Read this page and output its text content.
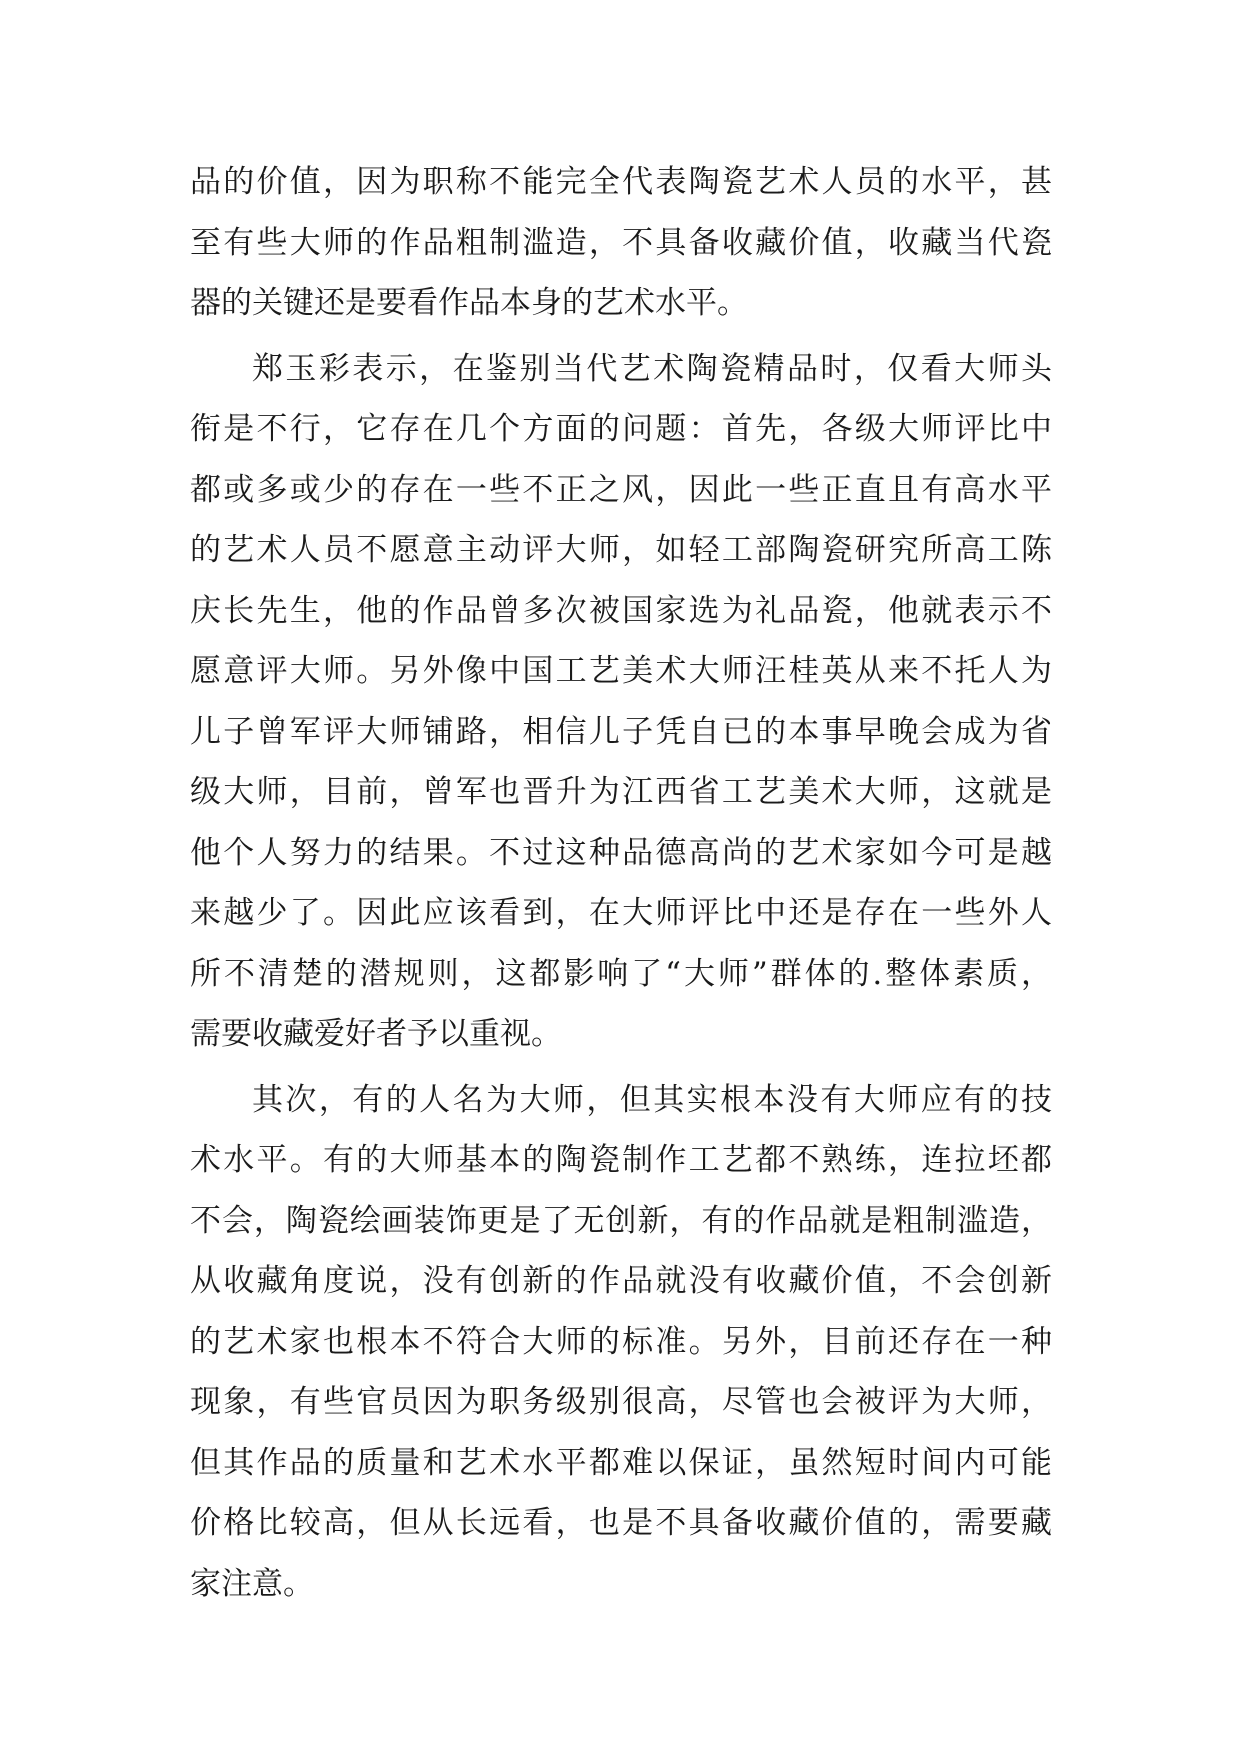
品的价值，因为职称不能完全代表陶瓷艺术人员的水平，甚
至有些大师的作品粗制滥造，不具备收藏价值，收藏当代瓷
器的关键还是要看作品本身的艺术水平。
郑玉彩表示，在鉴别当代艺术陶瓷精品时，仅看大师头
衔是不行，它存在几个方面的问题：首先，各级大师评比中
都或多或少的存在一些不正之风，因此一些正直且有高水平
的艺术人员不愿意主动评大师，如轻工部陶瓷研究所高工陈
庆长先生，他的作品曾多次被国家选为礼品瓷，他就表示不
愿意评大师。另外像中国工艺美术大师汪桂英从来不托人为
儿子曾军评大师铺路，相信儿子凭自已的本事早晚会成为省
级大师，目前，曾军也晋升为江西省工艺美术大师，这就是
他个人努力的结果。不过这种品德高尚的艺术家如今可是越
来越少了。因此应该看到，在大师评比中还是存在一些外人
所不清楚的潜规则，这都影响了“大师”群体的.整体素质，
需要收藏爱好者予以重视。
其次，有的人名为大师，但其实根本没有大师应有的技
术水平。有的大师基本的陶瓷制作工艺都不熟练，连拉坯都
不会，陶瓷绘画装饰更是了无创新，有的作品就是粗制滥造，
从收藏角度说，没有创新的作品就没有收藏价值，不会创新
的艺术家也根本不符合大师的标准。另外，目前还存在一种
现象，有些官员因为职务级别很高，尽管也会被评为大师，
但其作品的质量和艺术水平都难以保证，虽然短时间内可能
价格比较高，但从长远看，也是不具备收藏价值的，需要藏
家注意。
